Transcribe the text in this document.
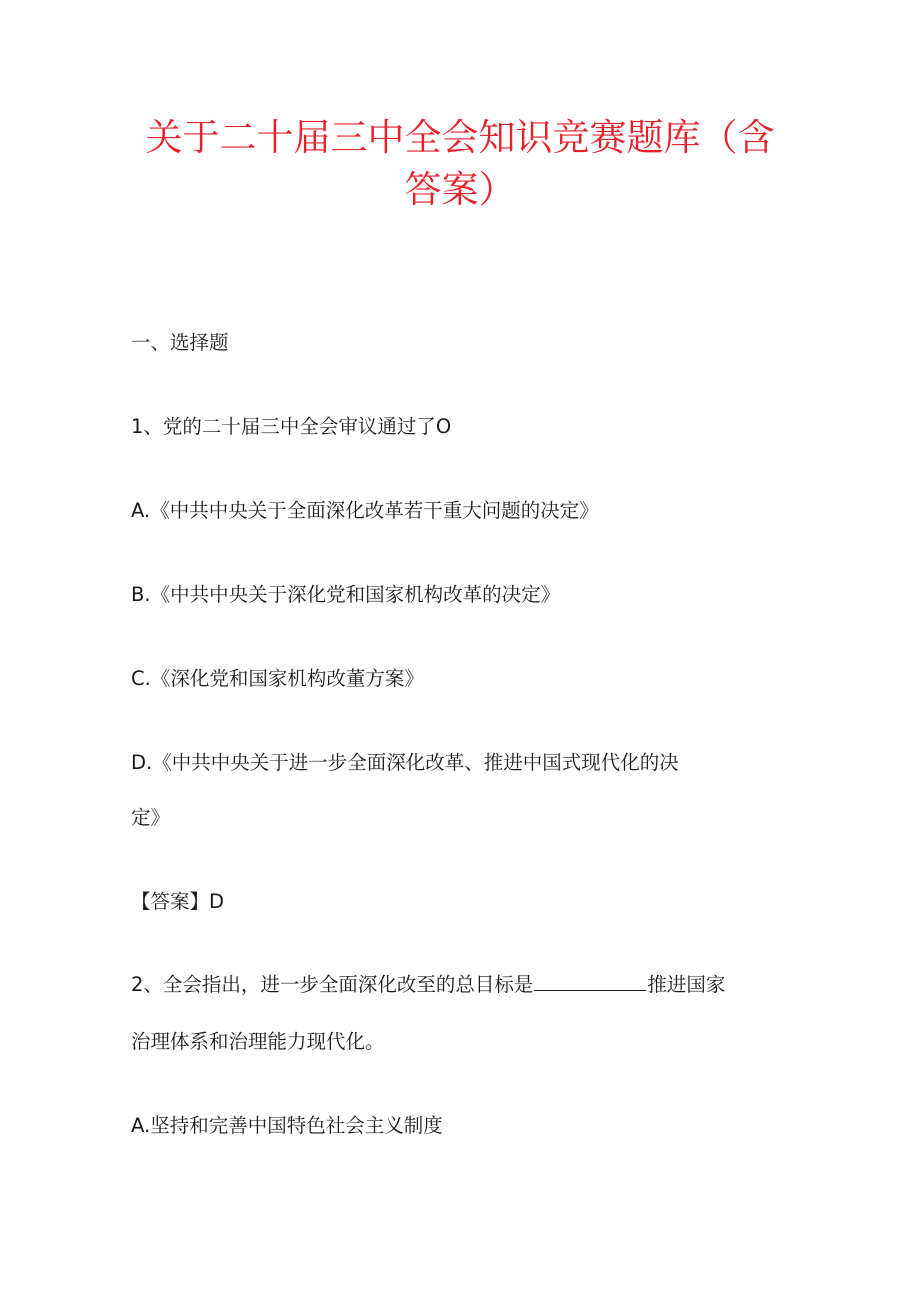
关于二十届三中全会知识竞赛题库（含答案）
一、选择题
1、党的二十届三中全会审议通过了O
A.《中共中央关于全面深化改革若干重大问题的决定》
B.《中共中央关于深化党和国家机构改革的决定》
C.《深化党和国家机构改董方案》
D.《中共中央关于进一步全面深化改革、推进中国式现代化的决
定》
【答案】D
2、全会指出，进一步全面深化改至的总目标是	推进国家
治理体系和治理能力现代化。
A.坚持和完善中国特色社会主义制度
